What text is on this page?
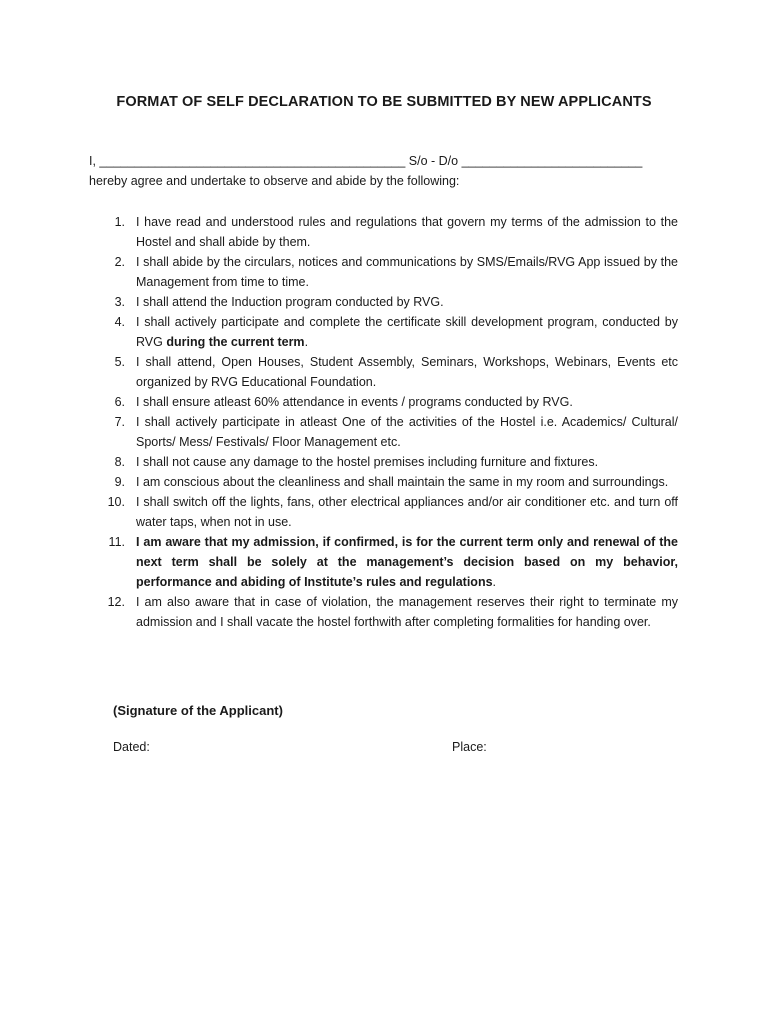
FORMAT OF SELF DECLARATION TO BE SUBMITTED BY NEW APPLICANTS
I, ____________________________________________ S/o - D/o __________________________
hereby agree and undertake to observe and abide by the following:
1. I have read and understood rules and regulations that govern my terms of the admission to the Hostel and shall abide by them.
2. I shall abide by the circulars, notices and communications by SMS/Emails/RVG App issued by the Management from time to time.
3. I shall attend the Induction program conducted by RVG.
4. I shall actively participate and complete the certificate skill development program, conducted by RVG during the current term.
5. I shall attend, Open Houses, Student Assembly, Seminars, Workshops, Webinars, Events etc organized by RVG Educational Foundation.
6. I shall ensure atleast 60% attendance in events / programs conducted by RVG.
7. I shall actively participate in atleast One of the activities of the Hostel i.e. Academics/ Cultural/ Sports/ Mess/ Festivals/ Floor Management etc.
8. I shall not cause any damage to the hostel premises including furniture and fixtures.
9. I am conscious about the cleanliness and shall maintain the same in my room and surroundings.
10. I shall switch off the lights, fans, other electrical appliances and/or air conditioner etc. and turn off water taps, when not in use.
11. I am aware that my admission, if confirmed, is for the current term only and renewal of the next term shall be solely at the management’s decision based on my behavior, performance and abiding of Institute’s rules and regulations.
12. I am also aware that in case of violation, the management reserves their right to terminate my admission and I shall vacate the hostel forthwith after completing formalities for handing over.
(Signature of the Applicant)
Dated:	Place:
